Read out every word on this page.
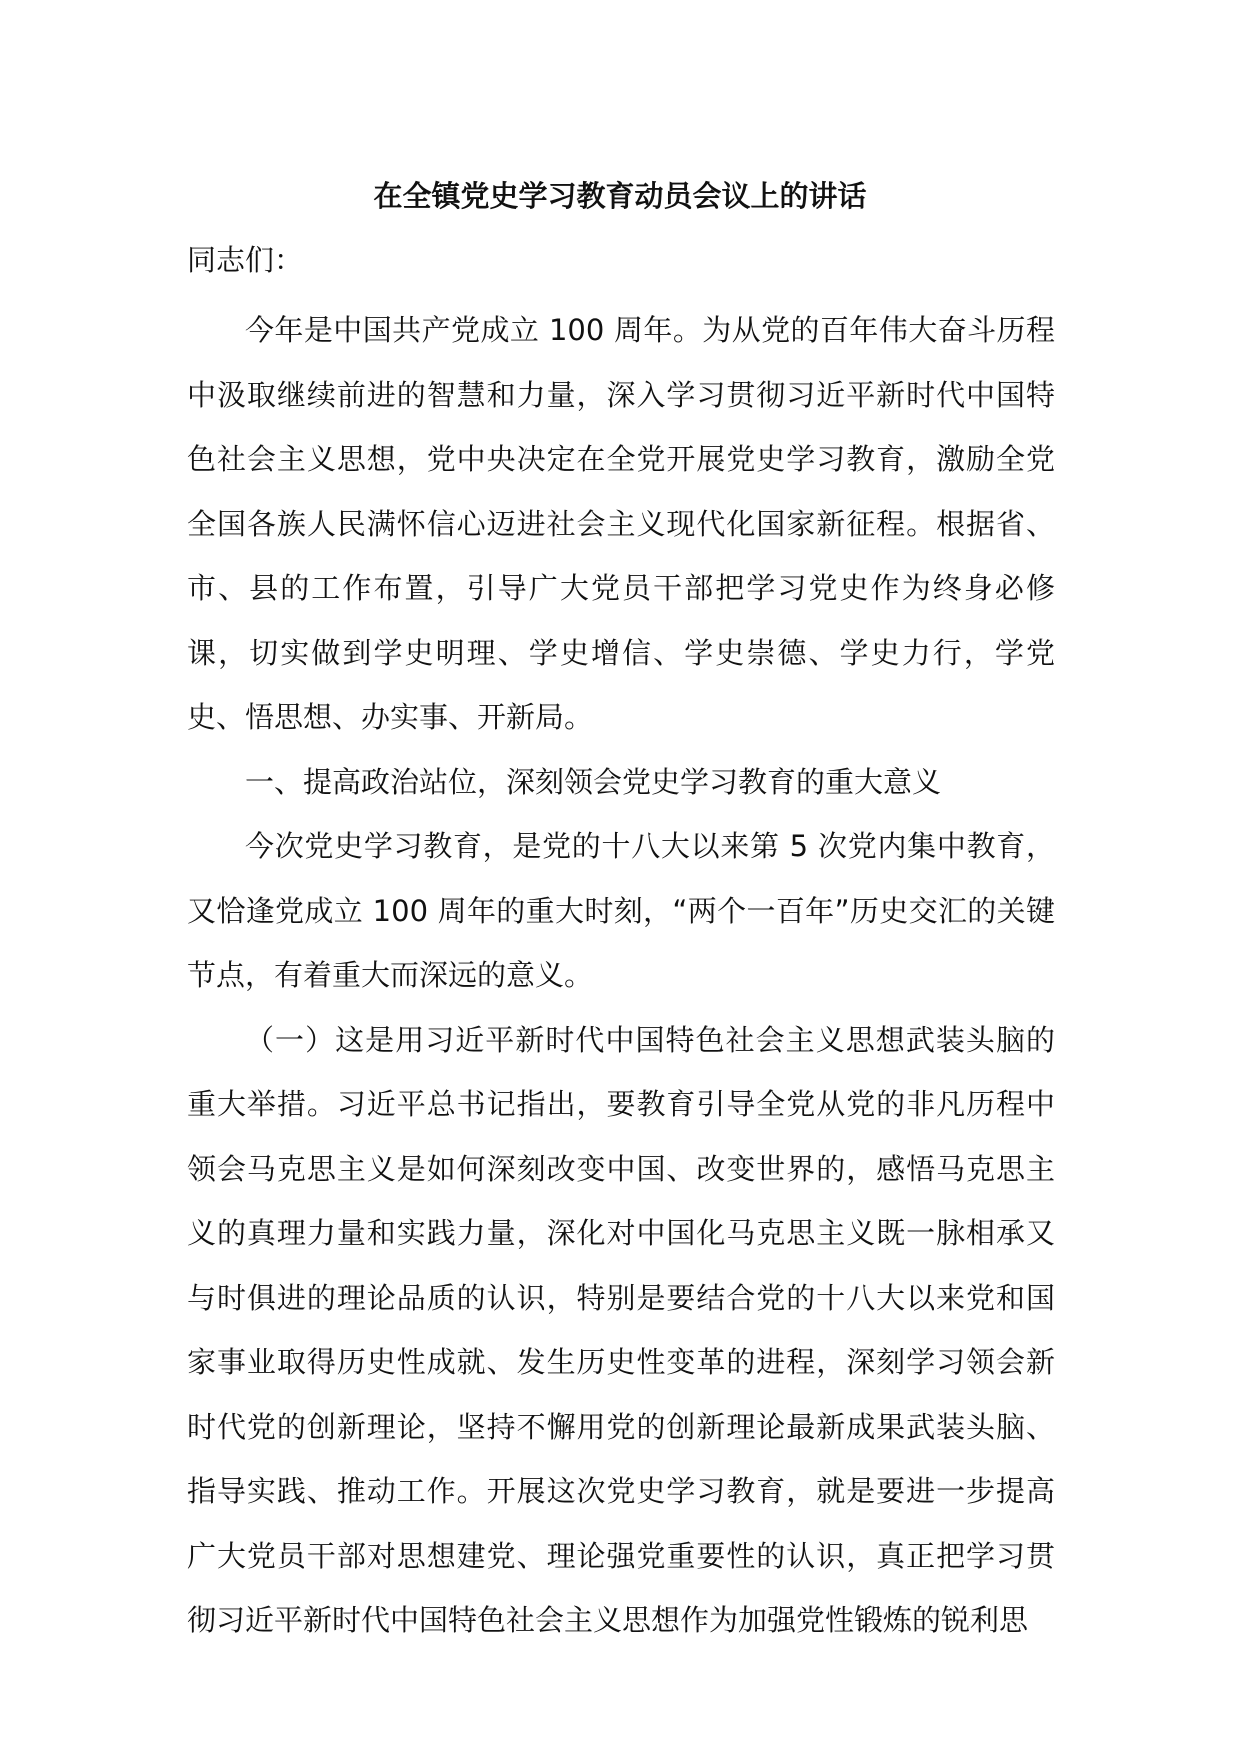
在全镇党史学习教育动员会议上的讲话
同志们：

今年是中国共产党成立 100 周年。为从党的百年伟大奋斗历程中汲取继续前进的智慧和力量，深入学习贯彻习近平新时代中国特色社会主义思想，党中央决定在全党开展党史学习教育，激励全党全国各族人民满怀信心迈进社会主义现代化国家新征程。根据省、市、县的工作布置，引导广大党员干部把学习党史作为终身必修课，切实做到学史明理、学史增信、学史崇德、学史力行，学党史、悟思想、办实事、开新局。

一、提高政治站位，深刻领会党史学习教育的重大意义

今次党史学习教育，是党的十八大以来第 5 次党内集中教育，又恰逢党成立 100 周年的重大时刻，“两个一百年”历史交汇的关键节点，有着重大而深远的意义。

（一）这是用习近平新时代中国特色社会主义思想武装头脑的重大举措。习近平总书记指出，要教育引导全党从党的非凡历程中领会马克思主义是如何深刻改变中国、改变世界的，感悟马克思主义的真理力量和实践力量，深化对中国化马克思主义既一脉相承又与时俱进的理论品质的认识，特别是要结合党的十八大以来党和国家事业取得历史性成就、发生历史性变革的进程，深刻学习领会新时代党的创新理论，坚持不懈用党的创新理论最新成果武装头脑、指导实践、推动工作。开展这次党史学习教育，就是要进一步提高广大党员干部对思想建党、理论强党重要性的认识，真正把学习贯彻习近平新时代中国特色社会主义思想作为加强党性锻炼的锐利思
